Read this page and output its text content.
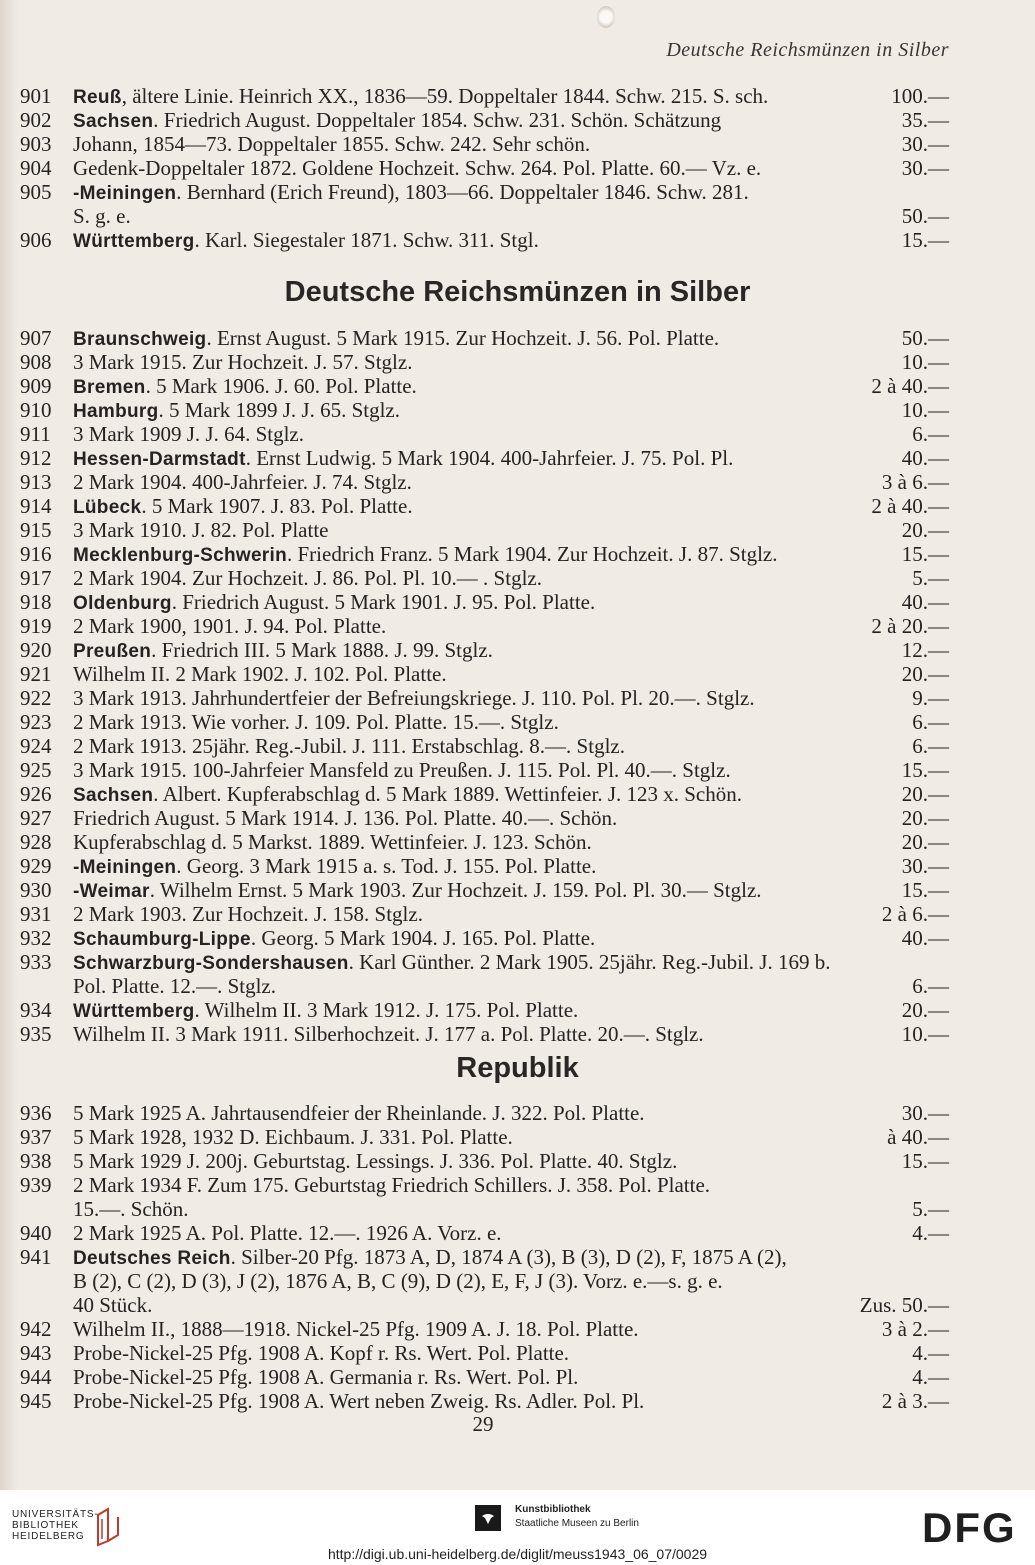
Deutsche Reichsmünzen in Silber
901	Reuß, ältere Linie. Heinrich XX., 1836—59. Doppeltaler 1844. Schw. 215. S. sch.	100.—
902	Sachsen. Friedrich August. Doppeltaler 1854. Schw. 231. Schön. Schätzung	35.—
903	Johann, 1854—73. Doppeltaler 1855. Schw. 242. Sehr schön.	30.—
904	Gedenk-Doppeltaler 1872. Goldene Hochzeit. Schw. 264. Pol. Platte. 60.— Vz. e.	30.—
905	-Meiningen. Bernhard (Erich Freund), 1803—66. Doppeltaler 1846. Schw. 281.
S. g. e.	50.—
906	Württemberg. Karl. Siegestaler 1871. Schw. 311. Stgl.	15.—
Deutsche Reichsmünzen in Silber
907	Braunschweig. Ernst August. 5 Mark 1915. Zur Hochzeit. J. 56. Pol. Platte.	50.—
908	3 Mark 1915. Zur Hochzeit. J. 57. Stglz.	10.—
909	Bremen. 5 Mark 1906. J. 60. Pol. Platte.	2 à 40.—
910	Hamburg. 5 Mark 1899 J. J. 65. Stglz.	10.—
911	3 Mark 1909 J. J. 64. Stglz.	6.—
912	Hessen-Darmstadt. Ernst Ludwig. 5 Mark 1904. 400-Jahrfeier. J. 75. Pol. Pl.	40.—
913	2 Mark 1904. 400-Jahrfeier. J. 74. Stglz.	3 à 6.—
914	Lübeck. 5 Mark 1907. J. 83. Pol. Platte.	2 à 40.—
915	3 Mark 1910. J. 82. Pol. Platte	20.—
916	Mecklenburg-Schwerin. Friedrich Franz. 5 Mark 1904. Zur Hochzeit. J. 87. Stglz.	15.—
917	2 Mark 1904. Zur Hochzeit. J. 86. Pol. Pl. 10.— . Stglz.	5.—
918	Oldenburg. Friedrich August. 5 Mark 1901. J. 95. Pol. Platte.	40.—
919	2 Mark 1900, 1901. J. 94. Pol. Platte.	2 à 20.—
920	Preußen. Friedrich III. 5 Mark 1888. J. 99. Stglz.	12.—
921	Wilhelm II. 2 Mark 1902. J. 102. Pol. Platte.	20.—
922	3 Mark 1913. Jahrhundertfeier der Befreiungskriege. J. 110. Pol. Pl. 20.—. Stglz.	9.—
923	2 Mark 1913. Wie vorher. J. 109. Pol. Platte. 15.—. Stglz.	6.—
924	2 Mark 1913. 25jähr. Reg.-Jubil. J. 111. Erstabschlag. 8.—. Stglz.	6.—
925	3 Mark 1915. 100-Jahrfeier Mansfeld zu Preußen. J. 115. Pol. Pl. 40.—. Stglz.	15.—
926	Sachsen. Albert. Kupferabschlag d. 5 Mark 1889. Wettinfeier. J. 123 x. Schön.	20.—
927	Friedrich August. 5 Mark 1914. J. 136. Pol. Platte. 40.—. Schön.	20.—
928	Kupferabschlag d. 5 Markst. 1889. Wettinfeier. J. 123. Schön.	20.—
929	-Meiningen. Georg. 3 Mark 1915 a. s. Tod. J. 155. Pol. Platte.	30.—
930	-Weimar. Wilhelm Ernst. 5 Mark 1903. Zur Hochzeit. J. 159. Pol. Pl. 30.— Stglz.	15.—
931	2 Mark 1903. Zur Hochzeit. J. 158. Stglz.	2 à 6.—
932	Schaumburg-Lippe. Georg. 5 Mark 1904. J. 165. Pol. Platte.	40.—
933	Schwarzburg-Sondershausen. Karl Günther. 2 Mark 1905. 25jähr. Reg.-Jubil. J. 169 b.
Pol. Platte. 12.—. Stglz.	6.—
934	Württemberg. Wilhelm II. 3 Mark 1912. J. 175. Pol. Platte.	20.—
935	Wilhelm II. 3 Mark 1911. Silberhochzeit. J. 177 a. Pol. Platte. 20.—. Stglz.	10.—
Republik
936	5 Mark 1925 A. Jahrtausendfeier der Rheinlande. J. 322. Pol. Platte.	30.—
937	5 Mark 1928, 1932 D. Eichbaum. J. 331. Pol. Platte.	à 40.—
938	5 Mark 1929 J. 200j. Geburtstag. Lessings. J. 336. Pol. Platte. 40. Stglz.	15.—
939	2 Mark 1934 F. Zum 175. Geburtstag Friedrich Schillers. J. 358. Pol. Platte.
15.—. Schön.	5.—
940	2 Mark 1925 A. Pol. Platte. 12.—. 1926 A. Vorz. e.	4.—
941	Deutsches Reich. Silber-20 Pfg. 1873 A, D, 1874 A (3), B (3), D (2), F, 1875 A (2),
B (2), C (2), D (3), J (2), 1876 A, B, C (9), D (2), E, F, J (3). Vorz. e.—s. g. e.
40 Stück.	Zus. 50.—
942	Wilhelm II., 1888—1918. Nickel-25 Pfg. 1909 A. J. 18. Pol. Platte.	3 à 2.—
943	Probe-Nickel-25 Pfg. 1908 A. Kopf r. Rs. Wert. Pol. Platte.	4.—
944	Probe-Nickel-25 Pfg. 1908 A. Germania r. Rs. Wert. Pol. Pl.	4.—
945	Probe-Nickel-25 Pfg. 1908 A. Wert neben Zweig. Rs. Adler. Pol. Pl.	2 à 3.—
29
UNIVERSITÄTS-
BIBLIOTHEK
HEIDELBERG
Kunstbibliothek
Staatliche Museen zu Berlin	DFG
http://digi.ub.uni-heidelberg.de/diglit/meuss1943_06_07/0029
